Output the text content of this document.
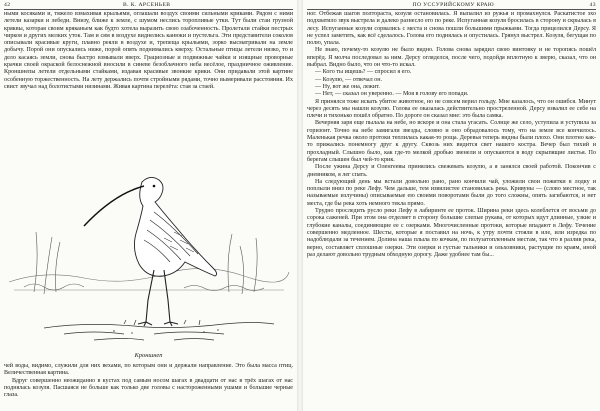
42	В. К. АРСЕНЬЕВ

ными косяками и, тяжело взмахивая крыльями, оглашали воздух своими сильными криками. Рядом с ними летели казарки и лебеди. Внизу, ближе к земле, с шумом неслись торопливые утки. Тут были стаи грузной кряквы, которая своим кряканьем как будто хотела выразить свою озабоченность. Пролетали стайки пестрых чирков и других мелких уток. Там и сям в воздухе виднелись канюки и пустельга. Эти представители соколов описывали красивые круги, плавно реяли в воздухе и, трепеща крыльями, зорко высматривали на земле добычу. Порой они опускались ниже, порой опять поднимались кверху. Остальные птицы летели низко, то и дело касаясь земли, снова быстро взмывали вверх. Грациозные и подвижные чайки и изящные проворные крачки своей окраской белоснежной вносили в синеве безоблачного неба весёлое, праздничное оживление. Кроншнепы летели отдельными стайками, издавая красивые звонкие крики. Они придавали этой картине особенную торжественность. На лету держались почти стройными рядами, точно вымеривали расстояния. Их свист звучал над болотистыми низинами. Живая картина перелёта: стая за стаей.

Кроншнеп

чей воды, видимо, служили для них вехами, по которым они и держали направление. Это была масса птиц. Величественная картина.

Вдруг совершенно неожиданно в кустах под самым носом шагах в двадцати от нас в трёх шагах от нас поднялась козуля. Пасшаяся не больше как только две головы с настороженными ушами и большие черные глаза.

ПО УССУРИЙСКОМУ КРАЮ	43

ног. Отбежав шагов полтораста, козуля остановилась. Я выпалил из ружья и промахнулся. Раскатистое эхо подхватило звук выстрела и далеко разнесло его по реке. Испуганная козуля бросилась в сторону и скрылась в лесу. Испуганные козули сорвались с места и снова пошли большими прыжками. Тогда прицелился Дерсу. Я не успел заметить, как всё сделалось. Голова его поднялась и опустилась. Грянул выстрел. Козуля, бегущая по полю, упала.

Не знаю, почему-то козулю не было видно. Голова снова зарядил свою винтовку и не торопясь пошёл вперёд. Я молча последовал за ним. Дерсу огляделся, после чего, подойдя вплотную к зверю, сказал, что он выбрал. Видно было, что он что-то искал.

— Кого ты ищешь? — спросил я его.

— Козулю, — отвечал он.

— Ну, вот же она, лежит.

— Нет, — сказал он уверенно. — Моя в голову его попади.

Я принялся тоже искать убитое животное, но не совсем верил гольду. Мне казалось, что он ошибся. Минут через десять мы нашли козулю. Голова ее оказалась действительно простреленной. Дерсу взвалил ее себе на плечи и тихонько пошёл обратно. По дороге он сказал мне: это была самка.

Вечерняя заря еще пылала на небе, но вскоре и она стала угасать. Солнце же село, уступила и уступила за горизонт. Точно на небе замигали звезды, словно и оно обрадовалось тому, что на земле все кончилось. Маленькая речка около протоки теплилась какая-то роща. Деревья теперь видны были плохо. Они плотно как-то прижались понемногу друг к другу. Сквозь них видится свет нашего костра. Вечер был тихий и прохладный. Слышно было, как где-то мелкой дробью звенели и опускаются в воду скрыпящие листья. По берегам слышен был чей-то крик.

После ужина Дерсу и Оленгеевы принялись свежевать козулю, а я занялся своей работой. Покончив с дневником, я лег спать.

На следующий день мы встали довольно рано, рано кончили чай, уложили свои пожитки в лодку и поплыли вниз по реке Лефу. Чем дальше, тем извилистее становилась река. Кривуны — (слово местное, так называемые излучины) описываемые ею своими поворотами были до того сложны, опять загибаются, и нет места, где бы река хоть немного текла прямо.

Трудно проследить русло реки Лефу в лабиринте ее проток. Ширина реки здесь колеблется от восьми до сорока саженей. При этом она отделяет в сторону большие слепые рукава, от которых идут длинные, узкие и глубокие каналы, соединяющие ее с озерками. Многочисленные протоки, которые впадают в Лефу. Течение совершенно медленное. Шесты, которые я поставил на ночь, к утру почти стояли в иле, или изредка по надоблюдали за течением. Долина наша плыла по кочкам, по полузатопленным местам, так что в разлив река, верно, составляет сплошные озерки. Эти озерки и густые тальники и ольховники, растущие по краям, иной раз делают довольно трудным обходную дорогу. Даже удобнее там бы...
